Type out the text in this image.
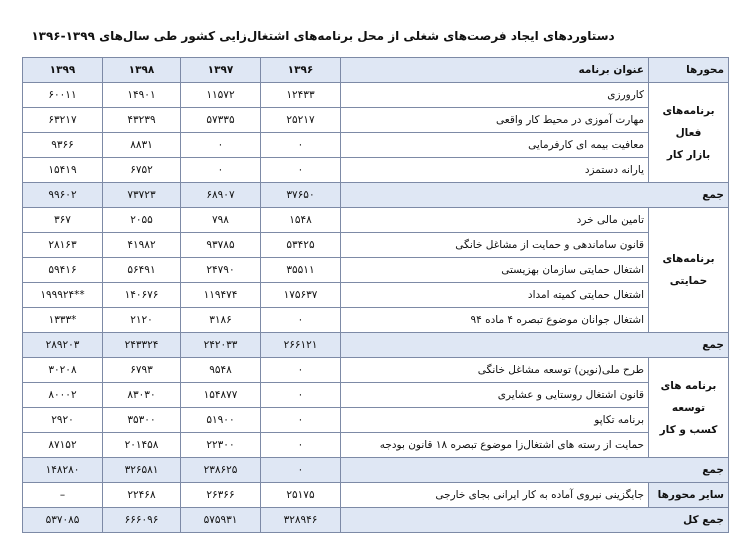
دستاوردهای ایجاد فرصت‌های شغلی از محل برنامه‌های اشتغال‌زایی کشور طی سال‌های ۱۳۹۹-۱۳۹۶
محورها	عنوان برنامه	۱۳۹۶	۱۳۹۷	۱۳۹۸	۱۳۹۹
برنامه‌های فعال
بازار کار	کارورزی	۱۲۴۳۳	۱۱۵۷۲	۱۴۹۰۱	۶۰۰۱۱
	مهارت آموزی در محیط کار واقعی	۲۵۲۱۷	۵۷۳۳۵	۴۳۲۳۹	۶۳۲۱۷
	معافیت بیمه ای کارفرمایی	۰	۰	۸۸۳۱	۹۳۶۶
	یارانه دستمزد	۰	۰	۶۷۵۲	۱۵۴۱۹
جمع		۳۷۶۵۰	۶۸۹۰۷	۷۳۷۲۳	۹۹۶۰۲
برنامه‌های
حمایتی	تامین مالی خرد	۱۵۴۸	۷۹۸	۲۰۵۵	۳۶۷
	قانون ساماندهی و حمایت از مشاغل خانگی	۵۳۴۲۵	۹۳۷۸۵	۴۱۹۸۲	۲۸۱۶۳
	اشتغال حمایتی سازمان بهزیستی	۳۵۵۱۱	۲۴۷۹۰	۵۶۴۹۱	۵۹۴۱۶
	اشتغال حمایتی کمیته امداد	۱۷۵۶۳۷	۱۱۹۴۷۴	۱۴۰۶۷۶	**۱۹۹۹۲۴
	اشتغال جوانان موضوع تبصره ۴ ماده ۹۴	۰	۳۱۸۶	۲۱۲۰	*۱۳۳۳
جمع		۲۶۶۱۲۱	۲۴۲۰۳۳	۲۴۳۳۲۴	۲۸۹۲۰۳
برنامه های توسعه
کسب و کار	طرح ملی(نوین) توسعه مشاغل خانگی	۰	۹۵۴۸	۶۷۹۳	۳۰۲۰۸
	قانون اشتغال روستایی و عشایری	۰	۱۵۴۸۷۷	۸۳۰۳۰	۸۰۰۰۲
	برنامه تکاپو	۰	۵۱۹۰۰	۳۵۳۰۰	۲۹۲۰
	حمایت از رسته های اشتغال‌زا موضوع تبصره ۱۸ قانون بودجه	۰	۲۲۳۰۰	۲۰۱۴۵۸	۸۷۱۵۲
جمع		۰	۲۳۸۶۲۵	۳۲۶۵۸۱	۱۴۸۲۸۰
سایر محورها	جایگزینی نیروی آماده به کار ایرانی بجای خارجی	۲۵۱۷۵	۲۶۳۶۶	۲۲۴۶۸	–
جمع کل		۳۲۸۹۴۶	۵۷۵۹۳۱	۶۶۶۰۹۶	۵۳۷۰۸۵
